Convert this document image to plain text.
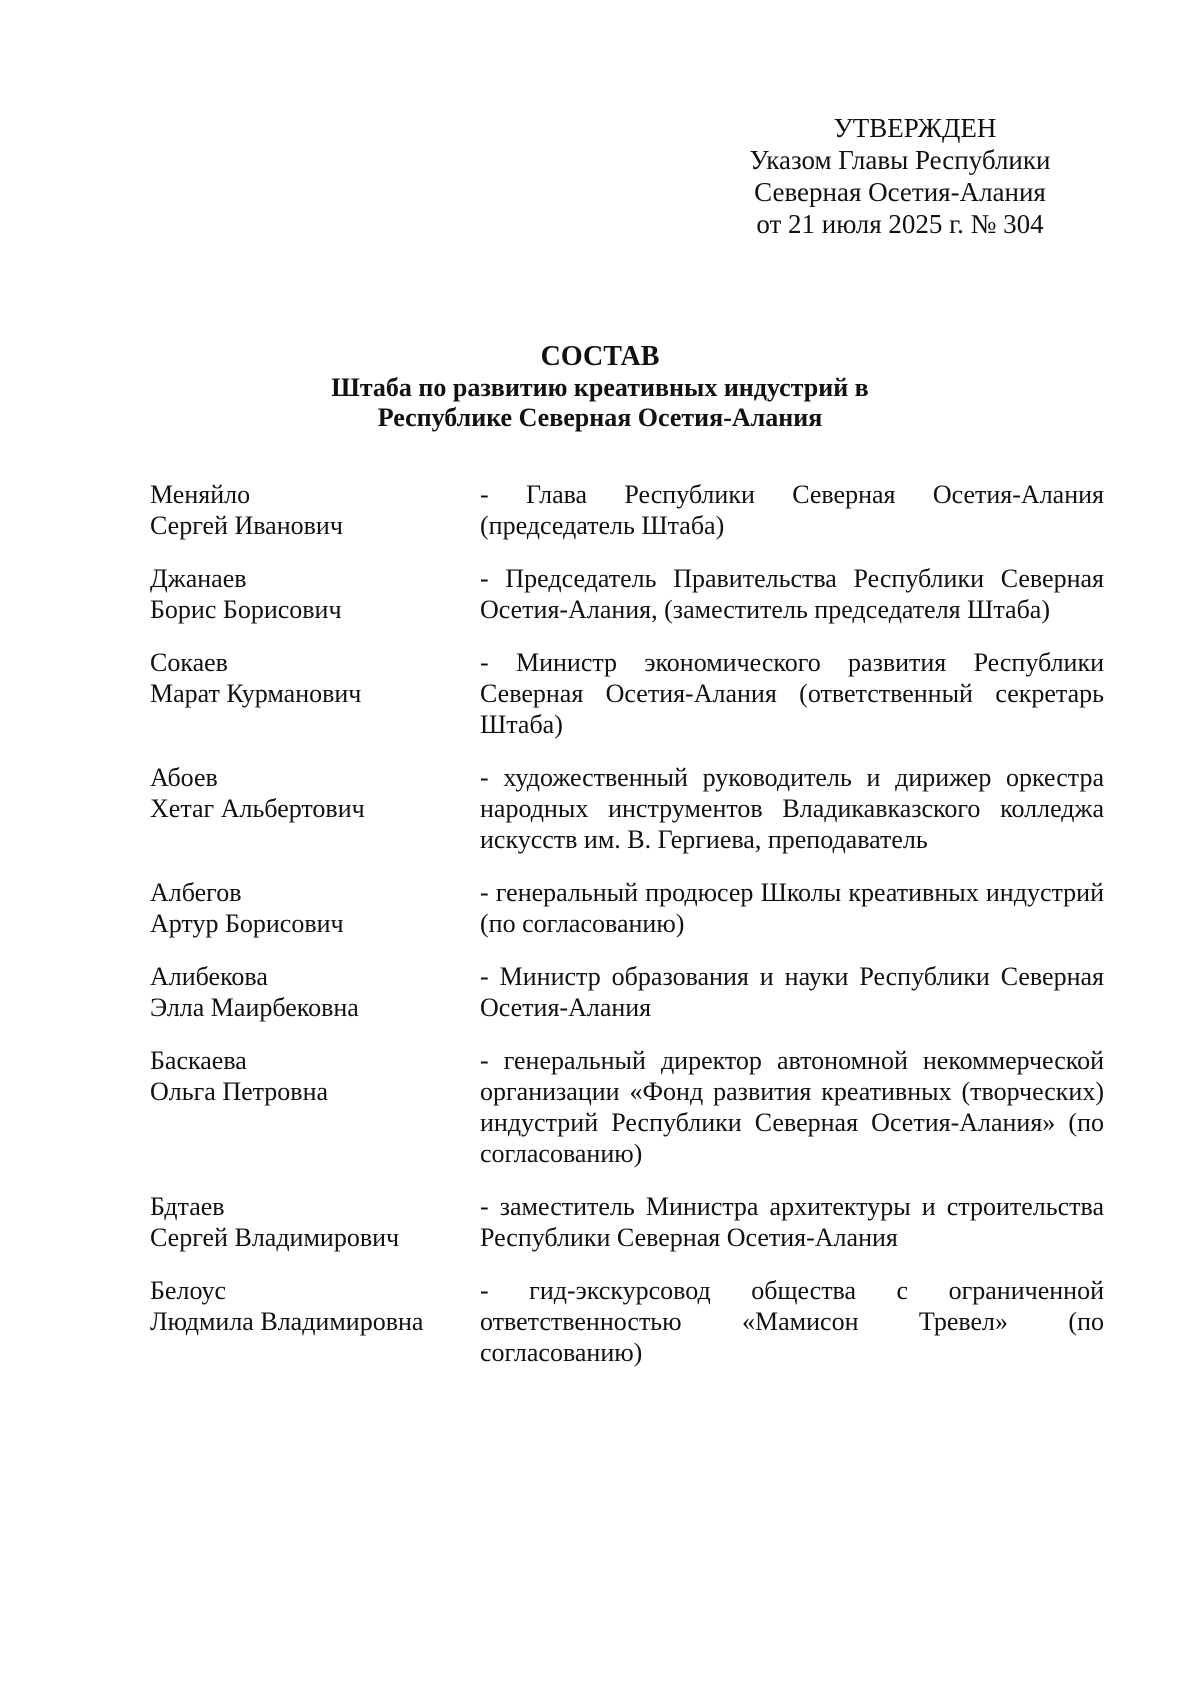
УТВЕРЖДЕН
Указом Главы Республики
Северная Осетия-Алания
от 21 июля 2025 г. № 304
СОСТАВ
Штаба по развитию креативных индустрий в
Республике Северная Осетия-Алания
Меняйло
Сергей Иванович
- Глава Республики Северная Осетия-Алания (председатель Штаба)
Джанаев
Борис Борисович
- Председатель Правительства Республики Северная Осетия-Алания, (заместитель председателя Штаба)
Сокаев
Марат Курманович
- Министр экономического развития Республики Северная Осетия-Алания (ответственный секретарь Штаба)
Абоев
Хетаг Альбертович
- художественный руководитель и дирижер оркестра народных инструментов Владикавказского колледжа искусств им. В. Гергиева, преподаватель
Албегов
Артур Борисович
- генеральный продюсер Школы креативных индустрий (по согласованию)
Алибекова
Элла Маирбековна
- Министр образования и науки Республики Северная Осетия-Алания
Баскаева
Ольга Петровна
- генеральный директор автономной некоммерческой организации «Фонд развития креативных (творческих) индустрий Республики Северная Осетия-Алания» (по согласованию)
Бдтаев
Сергей Владимирович
- заместитель Министра архитектуры и строительства Республики Северная Осетия-Алания
Белоус
Людмила Владимировна
- гид-экскурсовод общества с ограниченной ответственностью «Мамисон Тревел» (по согласованию)
